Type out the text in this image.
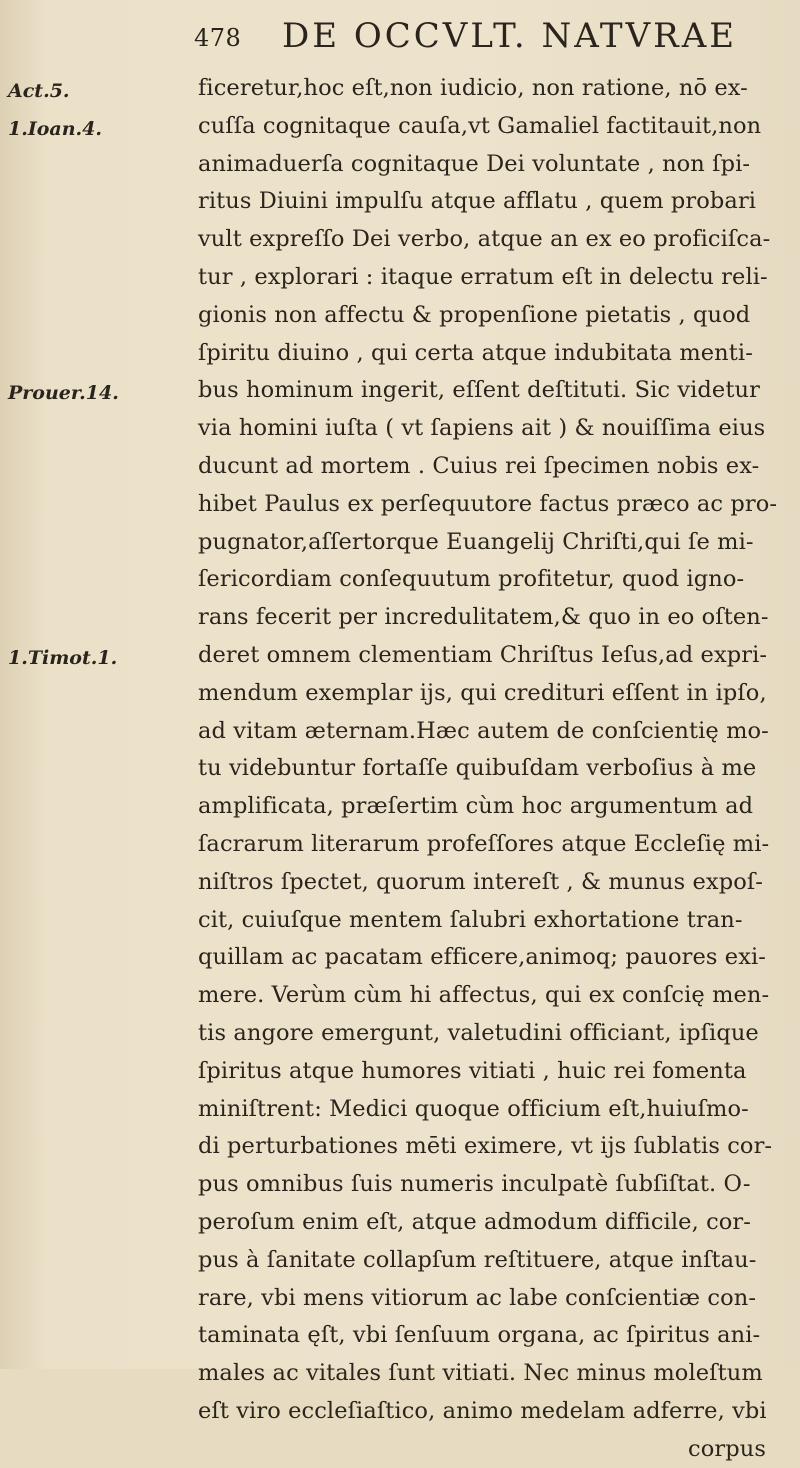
478 DE OCCVLT. NATVRAE
Act.5.
1.Ioan.4.
Prouer.14.
1.Timot.1.
ficeretur,hoc eſt,non iudicio, non ratione, nō ex-
cuſſa cognitaque cauſa,vt Gamaliel factitauit,non
animaduerſa cognitaque Dei voluntate , non ſpi-
ritus Diuini impulſu atque afflatu , quem probari
vult expreſſo Dei verbo, atque an ex eo proficiſca-
tur , explorari : itaque erratum eſt in delectu reli-
gionis non affectu & propenſione pietatis , quod
ſpiritu diuino , qui certa atque indubitata menti-
bus hominum ingerit, eſſent deſtituti. Sic videtur
via homini iuſta ( vt ſapiens ait ) & nouiſſima eius
ducunt ad mortem . Cuius rei ſpecimen nobis ex-
hibet Paulus ex perſequutore factus præco ac pro-
pugnator,aſſertorque Euangelij Chriſti,qui ſe mi-
ſericordiam conſequutum profitetur, quod igno-
rans fecerit per incredulitatem,& quo in eo oſten-
deret omnem clementiam Chriſtus Ieſus,ad expri-
mendum exemplar ijs, qui credituri eſſent in ipſo,
ad vitam æternam.Hæc autem de conſcientię mo-
tu videbuntur fortaſſe quibuſdam verboſius à me
amplificata, præſertim cùm hoc argumentum ad
ſacrarum literarum profeſſores atque Eccleſię mi-
niſtros ſpectet, quorum intereſt , & munus expoſ-
cit, cuiuſque mentem ſalubri exhortatione tran-
quillam ac pacatam efficere,animoq; pauores exi-
mere. Verùm cùm hi affectus, qui ex conſcię men-
tis angore emergunt, valetudini officiant, ipſique
ſpiritus atque humores vitiati , huic rei fomenta
miniſtrent: Medici quoque officium eſt,huiuſmo-
di perturbationes mēti eximere, vt ijs ſublatis cor-
pus omnibus ſuis numeris inculpatè ſubſiſtat. O-
peroſum enim eſt, atque admodum difficile, cor-
pus à ſanitate collapſum reſtituere, atque inſtau-
rare, vbi mens vitiorum ac labe conſcientiæ con-
taminata ęſt, vbi ſenſuum organa, ac ſpiritus ani-
males ac vitales ſunt vitiati. Nec minus moleſtum
eſt viro eccleſiaſtico, animo medelam adferre, vbi
corpus
